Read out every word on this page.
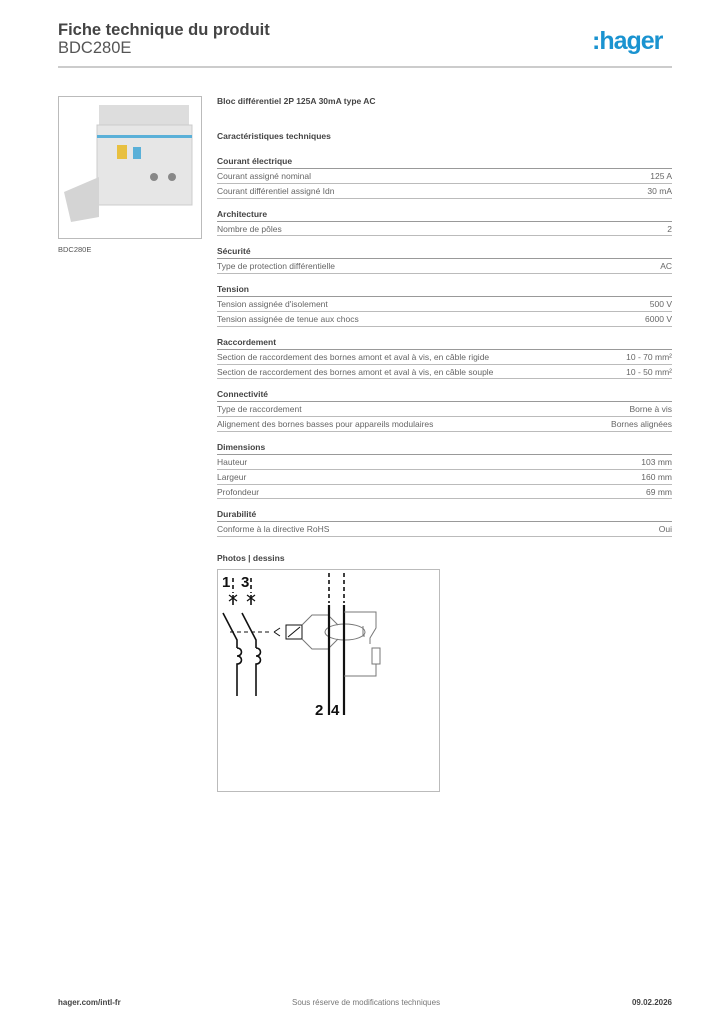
Fiche technique du produit
BDC280E	:hager
BDC280E
Bloc différentiel 2P 125A 30mA type AC
Caractéristiques techniques
Courant électrique
Courant assigné nominal	125 A
Courant différentiel assigné Idn	30 mA
Architecture
Nombre de pôles	2
Sécurité
Type de protection différentielle	AC
Tension
Tension assignée d'isolement	500 V
Tension assignée de tenue aux chocs	6000 V
Raccordement
Section de raccordement des bornes amont et aval à vis, en câble rigide	10 - 70 mm²
Section de raccordement des bornes amont et aval à vis, en câble souple	10 - 50 mm²
Connectivité
Type de raccordement	Borne à vis
Alignement des bornes basses pour appareils modulaires	Bornes alignées
Dimensions
Hauteur	103 mm
Largeur	160 mm
Profondeur	69 mm
Durabilité
Conforme à la directive RoHS	Oui
Photos | dessins
1 3
2 4
hager.com/intl-fr	Sous réserve de modifications techniques	09.02.2026
